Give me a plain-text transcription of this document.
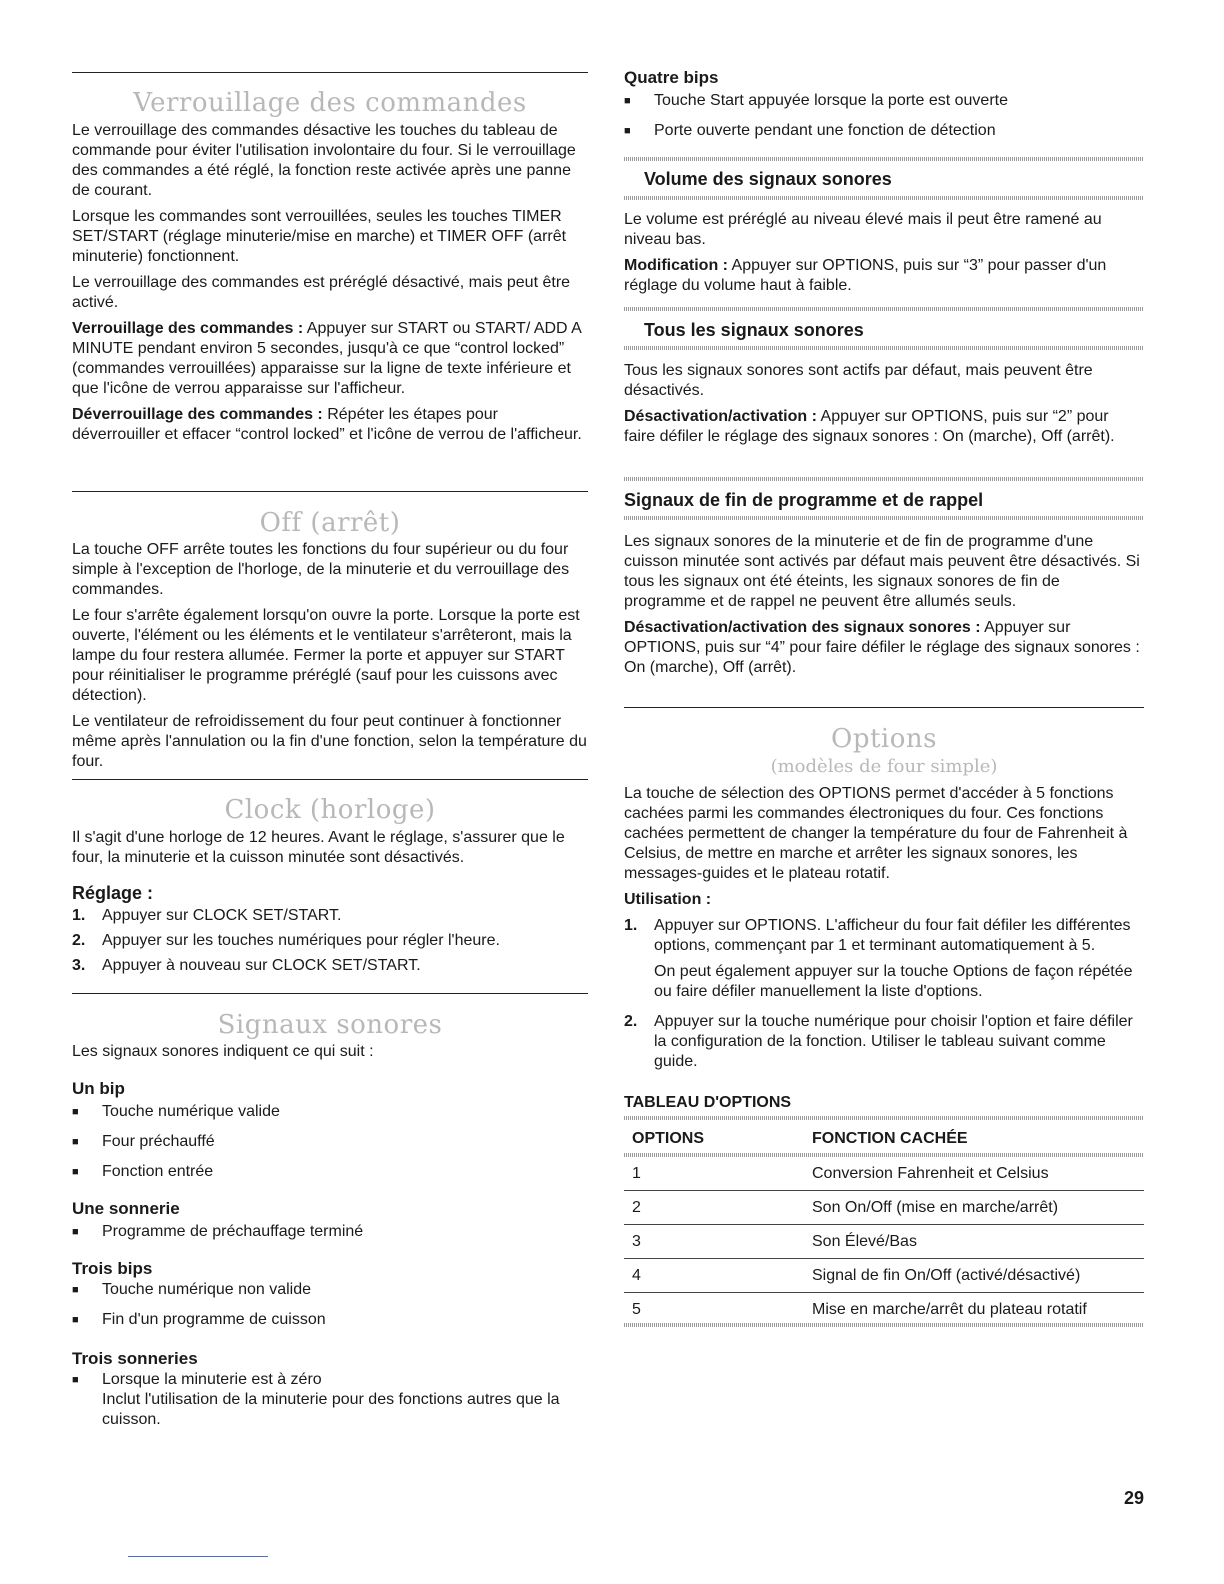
Verrouillage des commandes

Le verrouillage des commandes désactive les touches du tableau de commande pour éviter l'utilisation involontaire du four. Si le verrouillage des commandes a été réglé, la fonction reste activée après une panne de courant.

Lorsque les commandes sont verrouillées, seules les touches TIMER SET/START (réglage minuterie/mise en marche) et TIMER OFF (arrêt minuterie) fonctionnent.

Le verrouillage des commandes est préréglé désactivé, mais peut être activé.

Verrouillage des commandes : Appuyer sur START ou START/ ADD A MINUTE pendant environ 5 secondes, jusqu'à ce que “control locked” (commandes verrouillées) apparaisse sur la ligne de texte inférieure et que l'icône de verrou apparaisse sur l'afficheur.

Déverrouillage des commandes : Répéter les étapes pour déverrouiller et effacer “control locked” et l'icône de verrou de l'afficheur.

Off (arrêt)

La touche OFF arrête toutes les fonctions du four supérieur ou du four simple à l'exception de l'horloge, de la minuterie et du verrouillage des commandes.

Le four s'arrête également lorsqu'on ouvre la porte. Lorsque la porte est ouverte, l'élément ou les éléments et le ventilateur s'arrêteront, mais la lampe du four restera allumée. Fermer la porte et appuyer sur START pour réinitialiser le programme préréglé (sauf pour les cuissons avec détection).

Le ventilateur de refroidissement du four peut continuer à fonctionner même après l'annulation ou la fin d'une fonction, selon la température du four.

Clock (horloge)

Il s'agit d'une horloge de 12 heures. Avant le réglage, s'assurer que le four, la minuterie et la cuisson minutée sont désactivés.

Réglage :
1.	Appuyer sur CLOCK SET/START.
2.	Appuyer sur les touches numériques pour régler l'heure.
3.	Appuyer à nouveau sur CLOCK SET/START.
Signaux sonores

Les signaux sonores indiquent ce qui suit :

Un bip
■	Touche numérique valide
■	Four préchauffé
■	Fonction entrée
Une sonnerie
■	Programme de préchauffage terminé
Trois bips
■	Touche numérique non valide
■	Fin d'un programme de cuisson
Trois sonneries
■	Lorsque la minuterie est à zéro
Inclut l'utilisation de la minuterie pour des fonctions autres que la cuisson.
Quatre bips
■	Touche Start appuyée lorsque la porte est ouverte
■	Porte ouverte pendant une fonction de détection
Volume des signaux sonores

Le volume est préréglé au niveau élevé mais il peut être ramené au niveau bas.

Modification : Appuyer sur OPTIONS, puis sur “3” pour passer d'un réglage du volume haut à faible.

Tous les signaux sonores

Tous les signaux sonores sont actifs par défaut, mais peuvent être désactivés.

Désactivation/activation : Appuyer sur OPTIONS, puis sur “2” pour faire défiler le réglage des signaux sonores : On (marche), Off (arrêt).

Signaux de fin de programme et de rappel

Les signaux sonores de la minuterie et de fin de programme d'une cuisson minutée sont activés par défaut mais peuvent être désactivés. Si tous les signaux ont été éteints, les signaux sonores de fin de programme et de rappel ne peuvent être allumés seuls.

Désactivation/activation des signaux sonores : Appuyer sur OPTIONS, puis sur “4” pour faire défiler le réglage des signaux sonores : On (marche), Off (arrêt).

Options
(modèles de four simple)

La touche de sélection des OPTIONS permet d'accéder à 5 fonctions cachées parmi les commandes électroniques du four. Ces fonctions cachées permettent de changer la température du four de Fahrenheit à Celsius, de mettre en marche et arrêter les signaux sonores, les messages-guides et le plateau rotatif.

Utilisation :

1.	Appuyer sur OPTIONS. L'afficheur du four fait défiler les différentes options, commençant par 1 et terminant automatiquement à 5.
On peut également appuyer sur la touche Options de façon répétée ou faire défiler manuellement la liste d'options.
2.	Appuyer sur la touche numérique pour choisir l'option et faire défiler la configuration de la fonction. Utiliser le tableau suivant comme guide.
TABLEAU D'OPTIONS
OPTIONS	FONCTION CACHÉE
1	Conversion Fahrenheit et Celsius
2	Son On/Off (mise en marche/arrêt)
3	Son Élevé/Bas
4	Signal de fin On/Off (activé/désactivé)
5	Mise en marche/arrêt du plateau rotatif
29
